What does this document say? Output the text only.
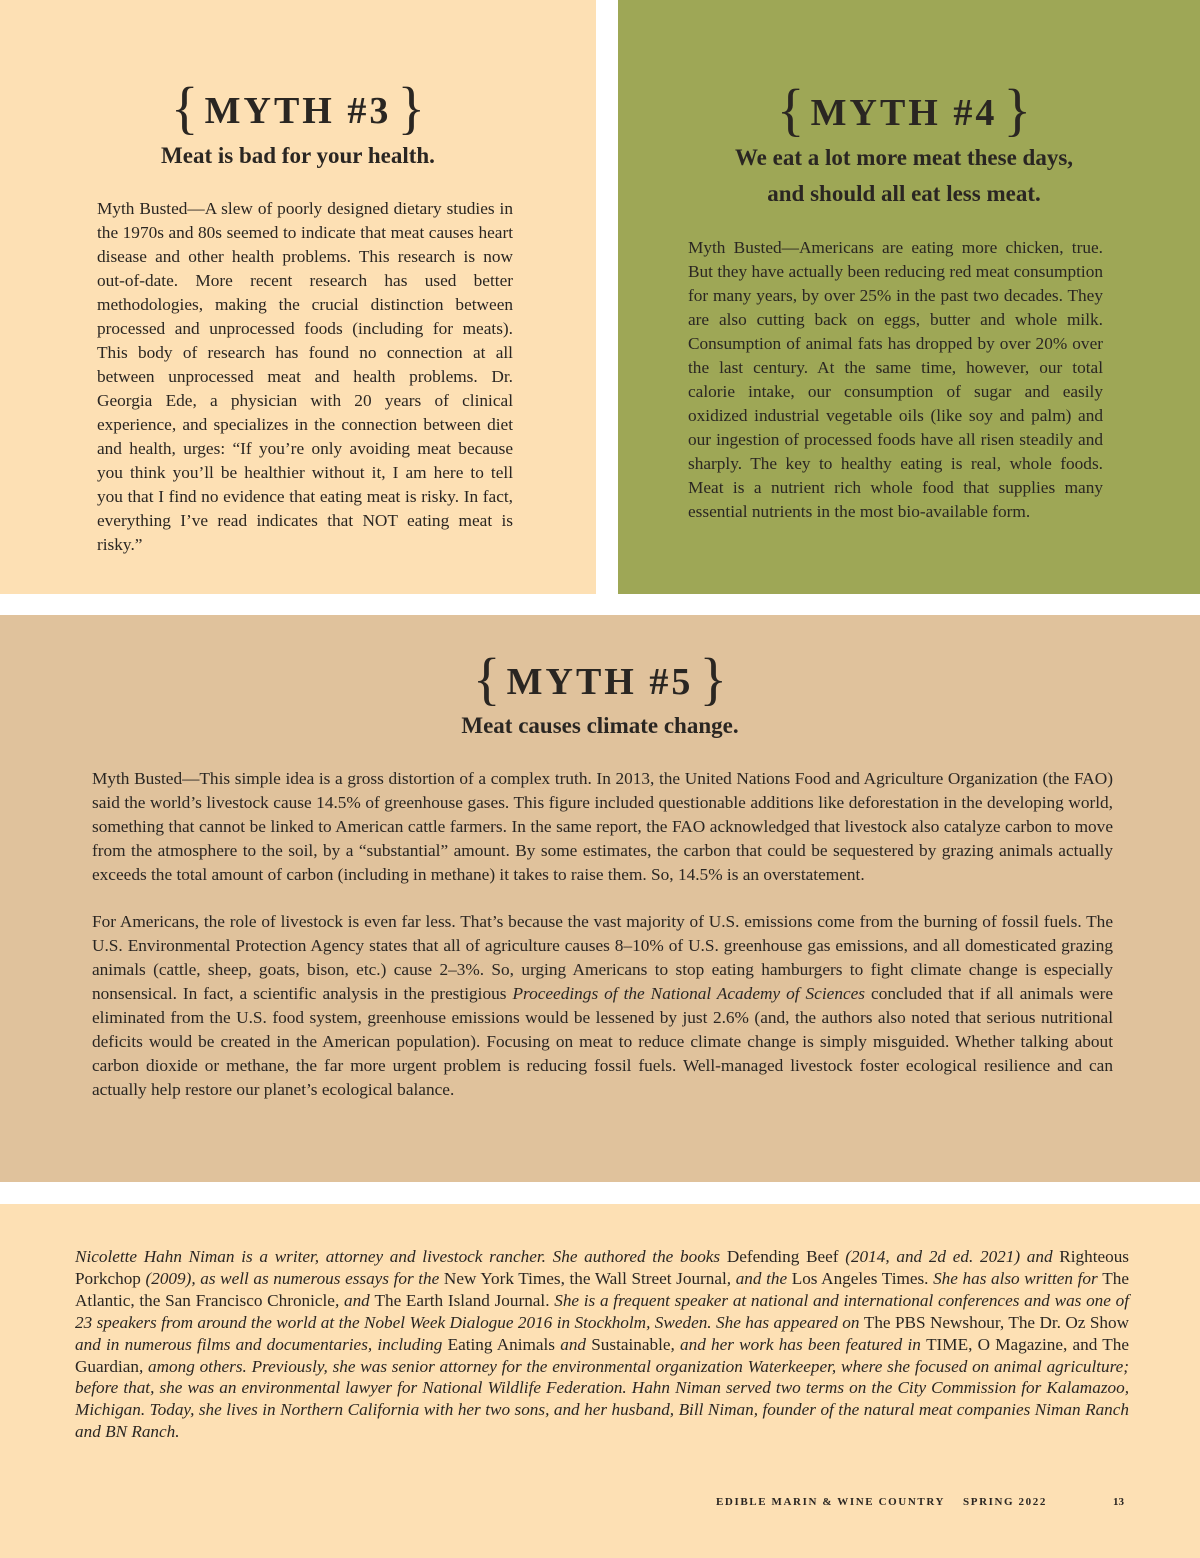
{ MYTH #3 }
Meat is bad for your health.

Myth Busted—A slew of poorly designed dietary studies in the 1970s and 80s seemed to indicate that meat causes heart disease and other health problems. This research is now out-of-date. More recent research has used better methodologies, making the crucial distinction between processed and unprocessed foods (including for meats). This body of research has found no connection at all between unprocessed meat and health problems. Dr. Georgia Ede, a physician with 20 years of clinical experience, and specializes in the connection between diet and health, urges: “If you’re only avoiding meat because you think you’ll be healthier without it, I am here to tell you that I find no evidence that eating meat is risky. In fact, everything I’ve read indicates that NOT eating meat is risky.”

{ MYTH #4 }
We eat a lot more meat these days,
and should all eat less meat.

Myth Busted—Americans are eating more chicken, true. But they have actually been reducing red meat consumption for many years, by over 25% in the past two decades. They are also cutting back on eggs, butter and whole milk. Consumption of animal fats has dropped by over 20% over the last century. At the same time, however, our total calorie intake, our consumption of sugar and easily oxidized industrial vegetable oils (like soy and palm) and our ingestion of processed foods have all risen steadily and sharply. The key to healthy eating is real, whole foods. Meat is a nutrient rich whole food that supplies many essential nutrients in the most bio-available form.

{ MYTH #5 }
Meat causes climate change.

Myth Busted—This simple idea is a gross distortion of a complex truth. In 2013, the United Nations Food and Agriculture Organization (the FAO) said the world’s livestock cause 14.5% of greenhouse gases. This figure included questionable additions like deforestation in the developing world, something that cannot be linked to American cattle farmers. In the same report, the FAO acknowledged that livestock also catalyze carbon to move from the atmosphere to the soil, by a “substantial” amount. By some estimates, the carbon that could be sequestered by grazing animals actually exceeds the total amount of carbon (including in methane) it takes to raise them. So, 14.5% is an overstatement.

For Americans, the role of livestock is even far less. That’s because the vast majority of U.S. emissions come from the burning of fossil fuels. The U.S. Environmental Protection Agency states that all of agriculture causes 8–10% of U.S. greenhouse gas emissions, and all domesticated grazing animals (cattle, sheep, goats, bison, etc.) cause 2–3%. So, urging Americans to stop eating hamburgers to fight climate change is especially nonsensical. In fact, a scientific analysis in the prestigious Proceedings of the National Academy of Sciences concluded that if all animals were eliminated from the U.S. food system, greenhouse emissions would be lessened by just 2.6% (and, the authors also noted that serious nutritional deficits would be created in the American population). Focusing on meat to reduce climate change is simply misguided. Whether talking about carbon dioxide or methane, the far more urgent problem is reducing fossil fuels. Well-managed livestock foster ecological resilience and can actually help restore our planet’s ecological balance.

Nicolette Hahn Niman is a writer, attorney and livestock rancher. She authored the books Defending Beef (2014, and 2d ed. 2021) and Righteous Porkchop (2009), as well as numerous essays for the New York Times, the Wall Street Journal, and the Los Angeles Times. She has also written for The Atlantic, the San Francisco Chronicle, and The Earth Island Journal. She is a frequent speaker at national and international conferences and was one of 23 speakers from around the world at the Nobel Week Dialogue 2016 in Stockholm, Sweden. She has appeared on The PBS Newshour, The Dr. Oz Show and in numerous films and documentaries, including Eating Animals and Sustainable, and her work has been featured in TIME, O Magazine, and The Guardian, among others. Previously, she was senior attorney for the environmental organization Waterkeeper, where she focused on animal agriculture; before that, she was an environmental lawyer for National Wildlife Federation. Hahn Niman served two terms on the City Commission for Kalamazoo, Michigan. Today, she lives in Northern California with her two sons, and her husband, Bill Niman, founder of the natural meat companies Niman Ranch and BN Ranch.

EDIBLE MARIN & WINE COUNTRY SPRING 2022	13
